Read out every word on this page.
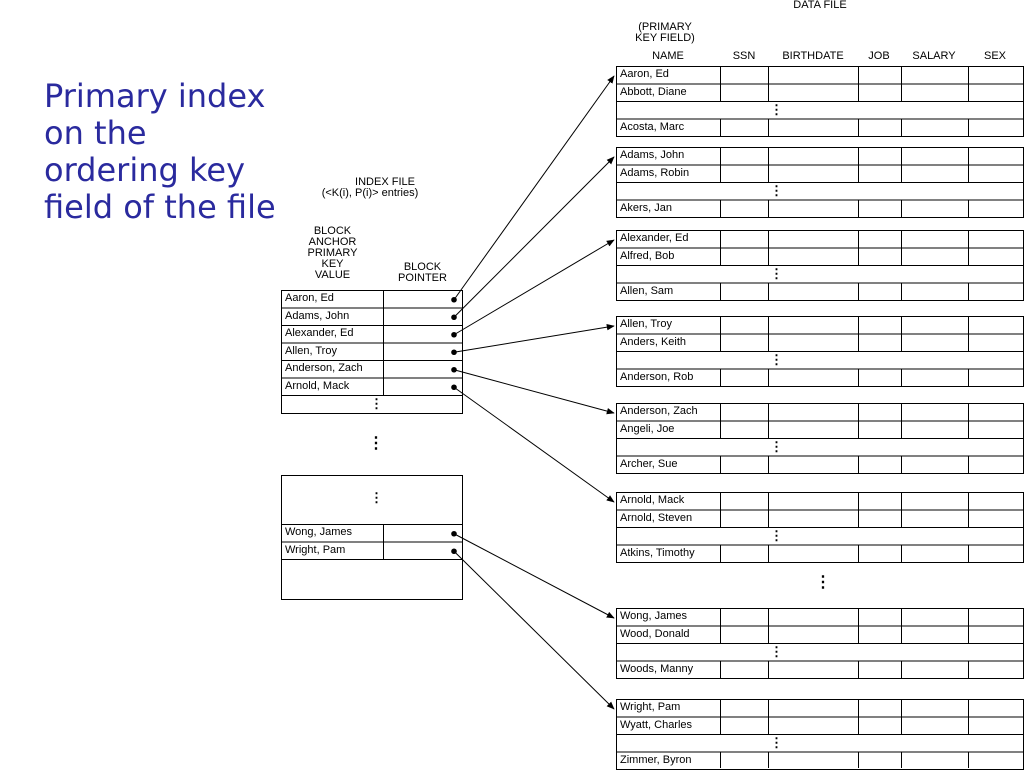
Primary index on the ordering key field of the file
INDEX FILE
(<K(i), P(i)> entries)
BLOCK
ANCHOR
PRIMARY
KEY
VALUE
BLOCK
POINTER
DATA FILE
(PRIMARY
KEY FIELD)
NAME	SSN	BIRTHDATE	JOB	SALARY	SEX
Aaron, Ed
Adams, John
Alexander, Ed
Allen, Troy
Anderson, Zach
Arnold, Mack
⋮
⋮
Wong, James
Wright, Pam
Aaron, Ed
Abbott, Diane
⋮
Acosta, Marc
Adams, John
Adams, Robin
⋮
Akers, Jan
Alexander, Ed
Alfred, Bob
⋮
Allen, Sam
Allen, Troy
Anders, Keith
⋮
Anderson, Rob
Anderson, Zach
Angeli, Joe
⋮
Archer, Sue
Arnold, Mack
Arnold, Steven
⋮
Atkins, Timothy
Wong, James
Wood, Donald
⋮
Woods, Manny
Wright, Pam
Wyatt, Charles
⋮
Zimmer, Byron
⋮
⋮
